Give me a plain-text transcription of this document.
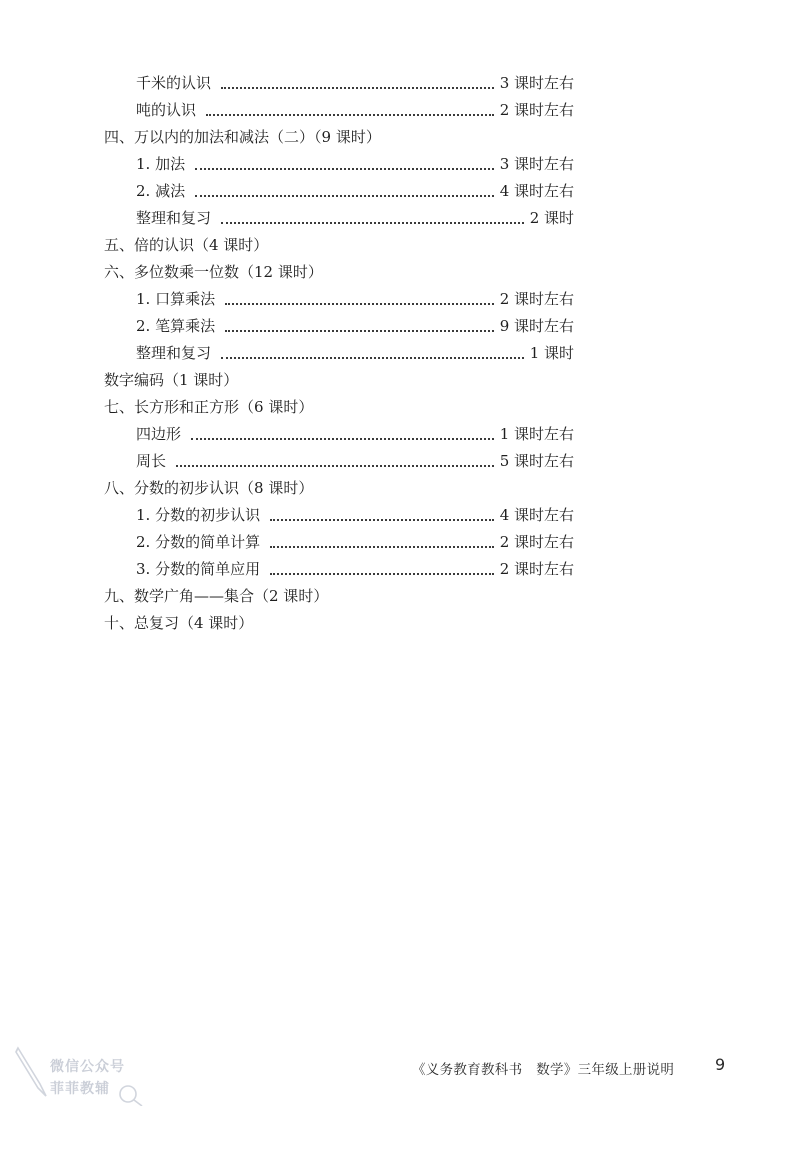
千米的认识	3 课时左右
吨的认识	2 课时左右
四、万以内的加法和减法（二）（9 课时）
1. 加法	3 课时左右
2. 减法	4 课时左右
整理和复习	2 课时
五、倍的认识（4 课时）
六、多位数乘一位数（12 课时）
1. 口算乘法	2 课时左右
2. 笔算乘法	9 课时左右
整理和复习	1 课时
数字编码（1 课时）
七、长方形和正方形（6 课时）
四边形	1 课时左右
周长	5 课时左右
八、分数的初步认识（8 课时）
1. 分数的初步认识	4 课时左右
2. 分数的简单计算	2 课时左右
3. 分数的简单应用	2 课时左右
九、数学广角——集合（2 课时）
十、总复习（4 课时）
微信公众号
菲菲教辅
《义务教育教科书　数学》三年级上册说明	9
